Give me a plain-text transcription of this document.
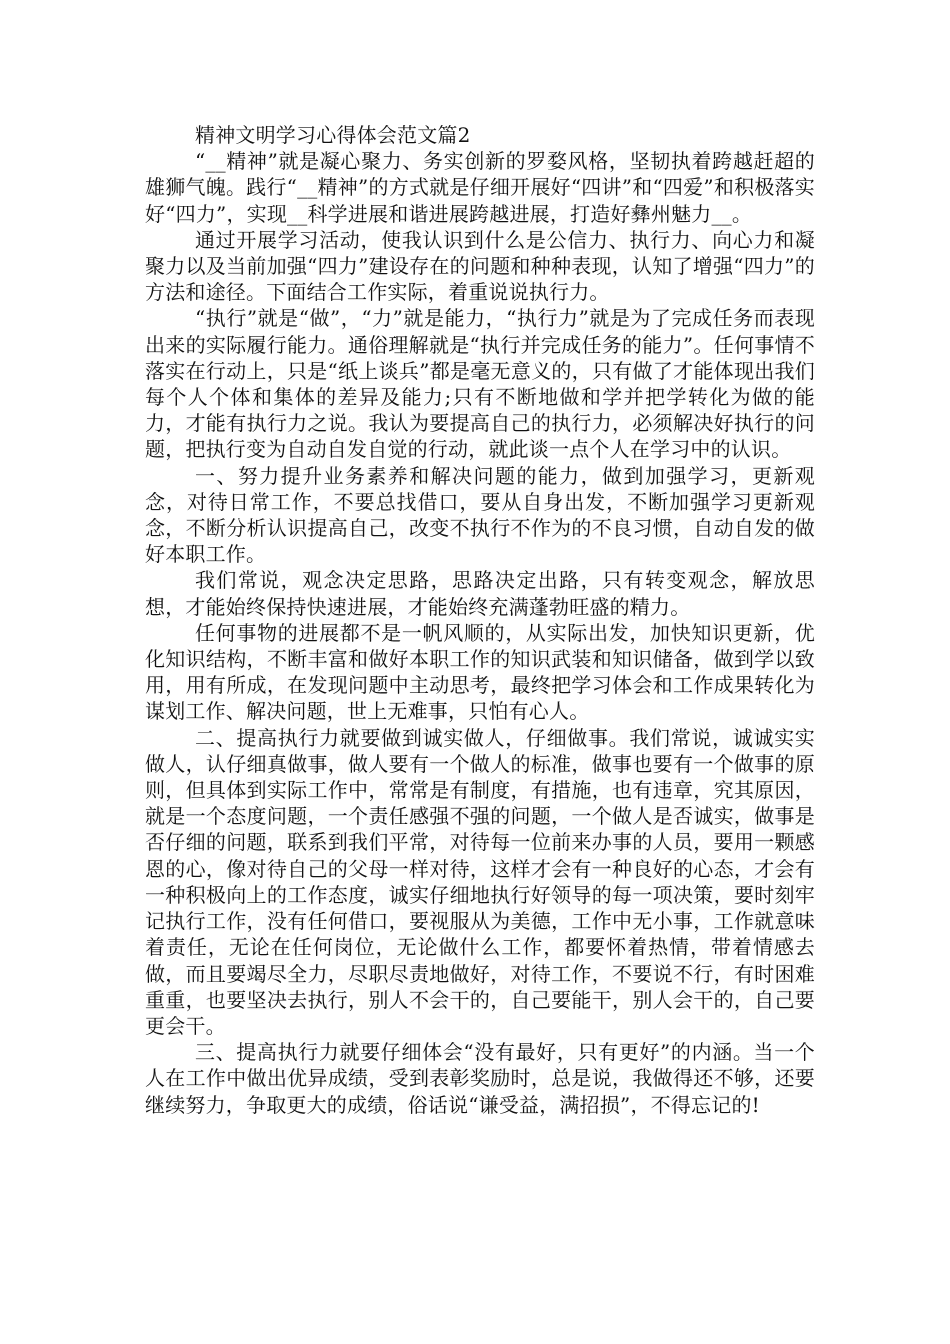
精神文明学习心得体会范文篇2

“__精神”就是凝心聚力、务实创新的罗婺风格，坚韧执着跨越赶超的雄狮气魄。践行“__精神”的方式就是仔细开展好“四讲”和“四爱”和积极落实好“四力”，实现__科学进展和谐进展跨越进展，打造好彝州魅力__。

通过开展学习活动，使我认识到什么是公信力、执行力、向心力和凝聚力以及当前加强“四力”建设存在的问题和种种表现，认知了增强“四力”的方法和途径。下面结合工作实际，着重说说执行力。

“执行”就是“做”，“力”就是能力，“执行力”就是为了完成任务而表现出来的实际履行能力。通俗理解就是“执行并完成任务的能力”。任何事情不落实在行动上，只是“纸上谈兵”都是毫无意义的，只有做了才能体现出我们每个人个体和集体的差异及能力;只有不断地做和学并把学转化为做的能力，才能有执行力之说。我认为要提高自己的执行力，必须解决好执行的问题，把执行变为自动自发自觉的行动，就此谈一点个人在学习中的认识。

一、努力提升业务素养和解决问题的能力，做到加强学习，更新观念，对待日常工作，不要总找借口，要从自身出发，不断加强学习更新观念，不断分析认识提高自己，改变不执行不作为的不良习惯，自动自发的做好本职工作。

我们常说，观念决定思路，思路决定出路，只有转变观念，解放思想，才能始终保持快速进展，才能始终充满蓬勃旺盛的精力。

任何事物的进展都不是一帆风顺的，从实际出发，加快知识更新，优化知识结构，不断丰富和做好本职工作的知识武装和知识储备，做到学以致用，用有所成，在发现问题中主动思考，最终把学习体会和工作成果转化为谋划工作、解决问题，世上无难事，只怕有心人。

二、提高执行力就要做到诚实做人，仔细做事。我们常说，诚诚实实做人，认仔细真做事，做人要有一个做人的标准，做事也要有一个做事的原则，但具体到实际工作中，常常是有制度，有措施，也有违章，究其原因，就是一个态度问题，一个责任感强不强的问题，一个做人是否诚实，做事是否仔细的问题，联系到我们平常，对待每一位前来办事的人员，要用一颗感恩的心，像对待自己的父母一样对待，这样才会有一种良好的心态，才会有一种积极向上的工作态度，诚实仔细地执行好领导的每一项决策，要时刻牢记执行工作，没有任何借口，要视服从为美德，工作中无小事，工作就意味着责任，无论在任何岗位，无论做什么工作，都要怀着热情，带着情感去做，而且要竭尽全力，尽职尽责地做好，对待工作，不要说不行，有时困难重重，也要坚决去执行，别人不会干的，自己要能干，别人会干的，自己要更会干。

三、提高执行力就要仔细体会“没有最好，只有更好”的内涵。当一个人在工作中做出优异成绩，受到表彰奖励时，总是说，我做得还不够，还要继续努力，争取更大的成绩，俗话说“谦受益，满招损”，不得忘记的!
